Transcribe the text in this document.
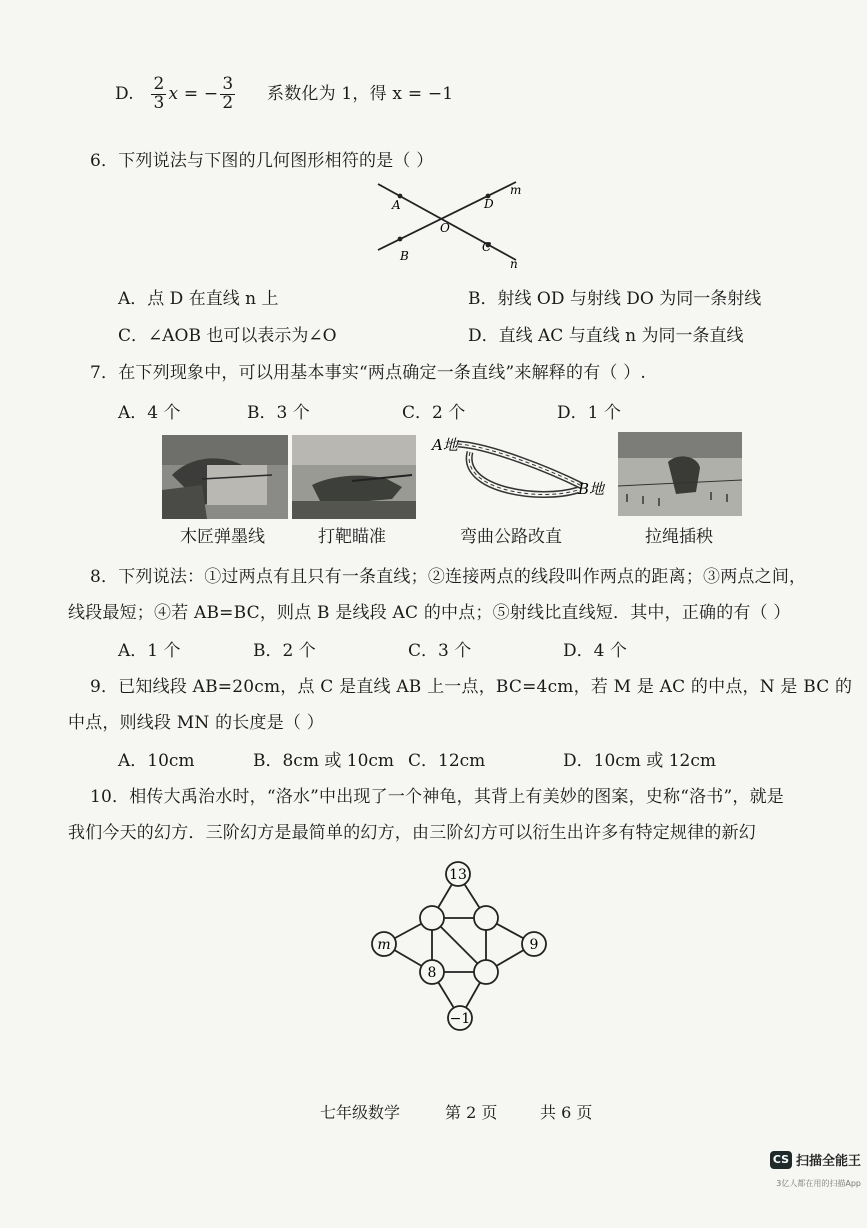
D. $\frac{2}{3}$ x = − $\frac{3}{2}$ 系数化为 1，得 x = −1
6．下列说法与下图的几何图形相符的是（ ）
A
B
O
D
C
m
n
A．点 D 在直线 n 上	B．射线 OD 与射线 DO 为同一条射线
C．∠AOB 也可以表示为∠O	D．直线 AC 与直线 n 为同一条直线
7．在下列现象中，可以用基本事实“两点确定一条直线”来解释的有（ ）.
A．4 个	B．3 个	C．2 个	D．1 个
A地
B地
木匠弹墨线	打靶瞄准	弯曲公路改直	拉绳插秧
8．下列说法：①过两点有且只有一条直线；②连接两点的线段叫作两点的距离；③两点之间，
线段最短；④若 AB=BC，则点 B 是线段 AC 的中点；⑤射线比直线短．其中，正确的有（ ）
A．1 个	B．2 个	C．3 个	D．4 个
9．已知线段 AB=20cm，点 C 是直线 AB 上一点，BC=4cm，若 M 是 AC 的中点，N 是 BC 的
中点，则线段 MN 的长度是（ ）
A．10cm	B．8cm 或 10cm C．12cm	D．10cm 或 12cm
10．相传大禹治水时，“洛水”中出现了一个神龟，其背上有美妙的图案，史称“洛书”，就是
我们今天的幻方．三阶幻方是最简单的幻方，由三阶幻方可以衍生出许多有特定规律的新幻
13
m	9
8
−1
七年级数学	第 2 页	共 6 页
CS 扫描全能王
3亿人都在用的扫描App
